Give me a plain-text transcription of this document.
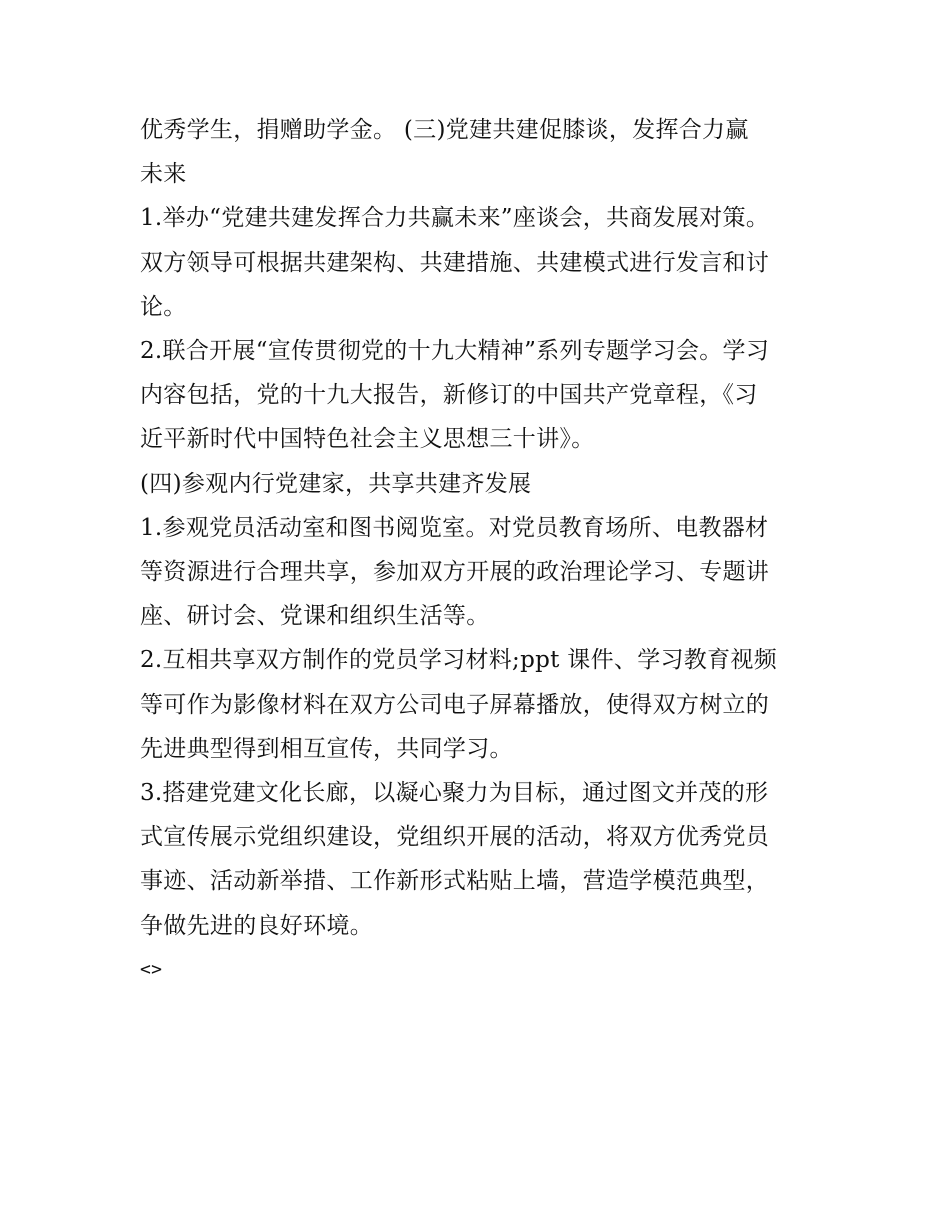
优秀学生，捐赠助学金。 (三)党建共建促膝谈，发挥合力赢
未来
1.举办“党建共建发挥合力共赢未来”座谈会，共商发展对策。
双方领导可根据共建架构、共建措施、共建模式进行发言和讨
论。
2.联合开展“宣传贯彻党的十九大精神”系列专题学习会。学习
内容包括，党的十九大报告，新修订的中国共产党章程，《习
近平新时代中国特色社会主义思想三十讲》。
(四)参观内行党建家，共享共建齐发展
1.参观党员活动室和图书阅览室。对党员教育场所、电教器材
等资源进行合理共享，参加双方开展的政治理论学习、专题讲
座、研讨会、党课和组织生活等。
2.互相共享双方制作的党员学习材料;ppt 课件、学习教育视频
等可作为影像材料在双方公司电子屏幕播放，使得双方树立的
先进典型得到相互宣传，共同学习。
3.搭建党建文化长廊，以凝心聚力为目标，通过图文并茂的形
式宣传展示党组织建设，党组织开展的活动，将双方优秀党员
事迹、活动新举措、工作新形式粘贴上墙，营造学模范典型，
争做先进的良好环境。
<>
